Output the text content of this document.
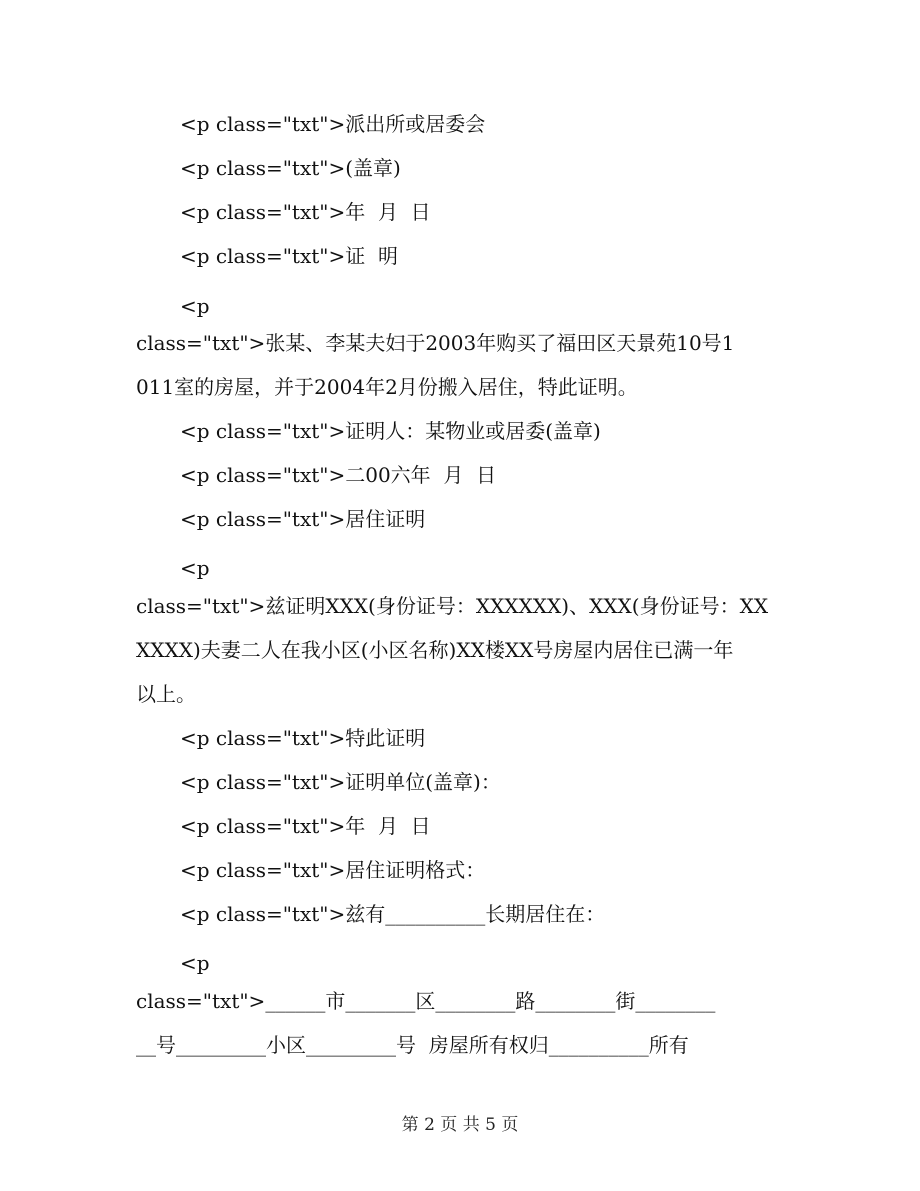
<p class="txt">派出所或居委会
<p class="txt">(盖章)
<p class="txt">年  月  日
<p class="txt">证  明
<p
class="txt">张某、李某夫妇于2003年购买了福田区天景苑10号1
011室的房屋，并于2004年2月份搬入居住，特此证明。
<p class="txt">证明人：某物业或居委(盖章)
<p class="txt">二00六年  月  日
<p class="txt">居住证明
<p
class="txt">兹证明XXX(身份证号：XXXXXX)、XXX(身份证号：XX
XXXX)夫妻二人在我小区(小区名称)XX楼XX号房屋内居住已满一年
以上。
<p class="txt">特此证明
<p class="txt">证明单位(盖章)：
<p class="txt">年  月  日
<p class="txt">居住证明格式：
<p class="txt">兹有__________长期居住在：
<p
class="txt">______市_______区________路________街________
__号_________小区_________号  房屋所有权归__________所有
第 2 页 共 5 页
